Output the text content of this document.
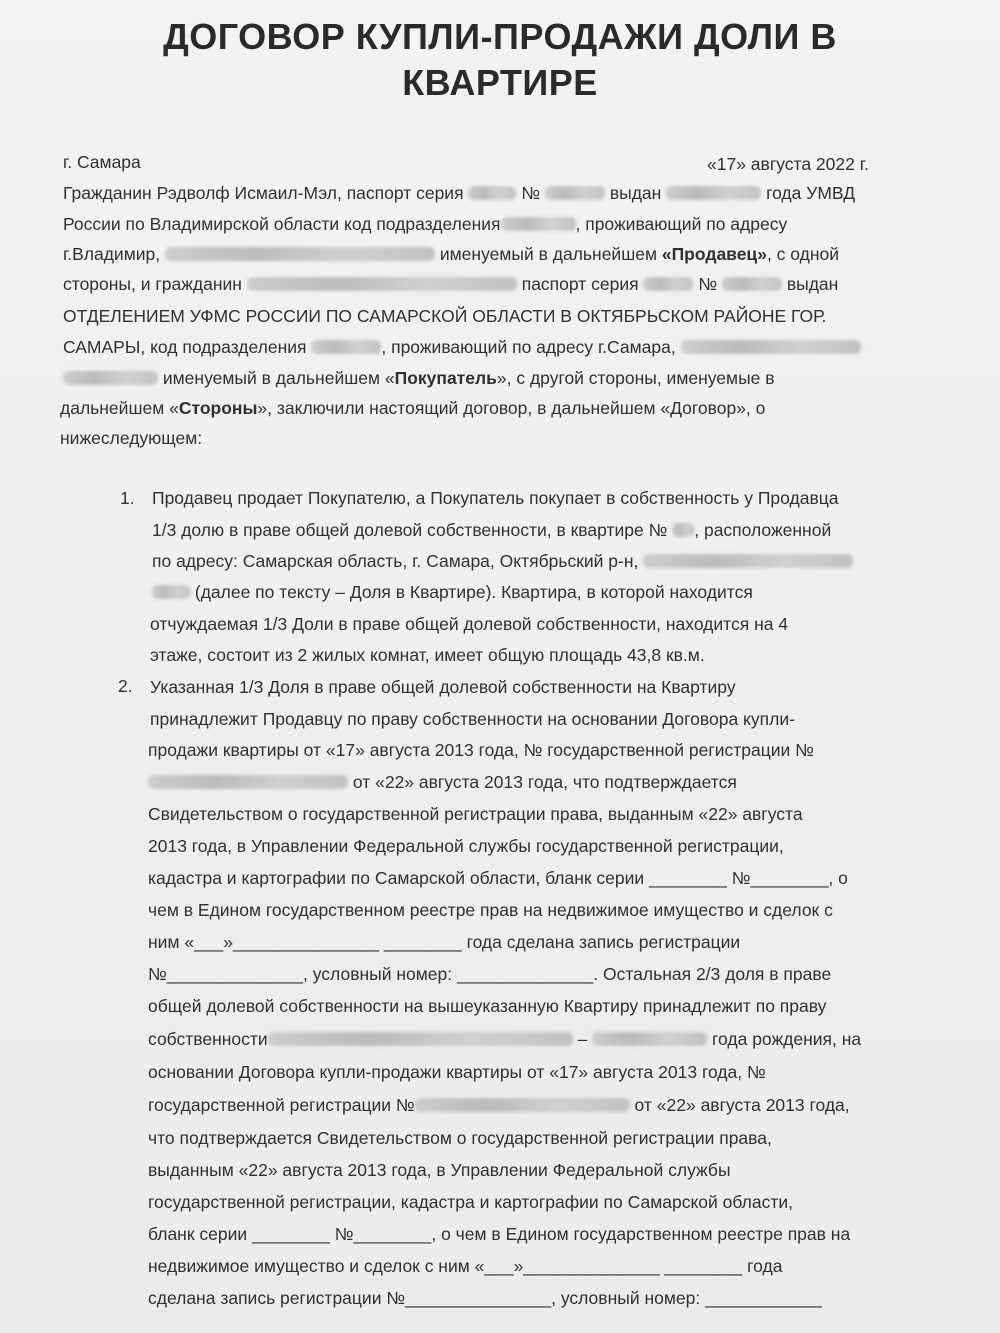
ДОГОВОР КУПЛИ-ПРОДАЖИ ДОЛИ В
КВАРТИРЕ
г. Самара	«17» августа 2022 г.
Гражданин Рэдволф Исмаил-Мэл, паспорт серия	№	выдан	года УМВД
России по Владимирской области код подразделения	, проживающий по адресу
г.Владимир,	именуемый в дальнейшем «Продавец», с одной
стороны, и гражданин	паспорт серия	№	выдан
ОТДЕЛЕНИЕМ УФМС РОССИИ ПО САМАРСКОЙ ОБЛАСТИ В ОКТЯБРЬСКОМ РАЙОНЕ ГОР.
САМАРЫ, код подразделения	, проживающий по адресу г.Самара,
именуемый в дальнейшем «Покупатель», с другой стороны, именуемые в
дальнейшем «Стороны», заключили настоящий договор, в дальнейшем «Договор», о
нижеследующем:
1. Продавец продает Покупателю, а Покупатель покупает в собственность у Продавца
1/3 долю в праве общей долевой собственности, в квартире № , расположенной
по адресу: Самарская область, г. Самара, Октябрьский р-н,
(далее по тексту – Доля в Квартире). Квартира, в которой находится
отчуждаемая 1/3 Доли в праве общей долевой собственности, находится на 4
этаже, состоит из 2 жилых комнат, имеет общую площадь 43,8 кв.м.
2. Указанная 1/3 Доля в праве общей долевой собственности на Квартиру
принадлежит Продавцу по праву собственности на основании Договора купли-
продажи квартиры от «17» августа 2013 года, № государственной регистрации №
от «22» августа 2013 года, что подтверждается
Свидетельством о государственной регистрации права, выданным «22» августа
2013 года, в Управлении Федеральной службы государственной регистрации,
кадастра и картографии по Самарской области, бланк серии ________ №________, о
чем в Едином государственном реестре прав на недвижимое имущество и сделок с
ним «___»_______________ ________ года сделана запись регистрации
№______________, условный номер: ______________. Остальная 2/3 доля в праве
общей долевой собственности на вышеуказанную Квартиру принадлежит по праву
собственности	–	года рождения, на
основании Договора купли-продажи квартиры от «17» августа 2013 года, №
государственной регистрации №	от «22» августа 2013 года,
что подтверждается Свидетельством о государственной регистрации права,
выданным «22» августа 2013 года, в Управлении Федеральной службы
государственной регистрации, кадастра и картографии по Самарской области,
бланк серии ________ №________, о чем в Едином государственном реестре прав на
недвижимое имущество и сделок с ним «___»______________ ________ года
сделана запись регистрации №_______________, условный номер: ____________
